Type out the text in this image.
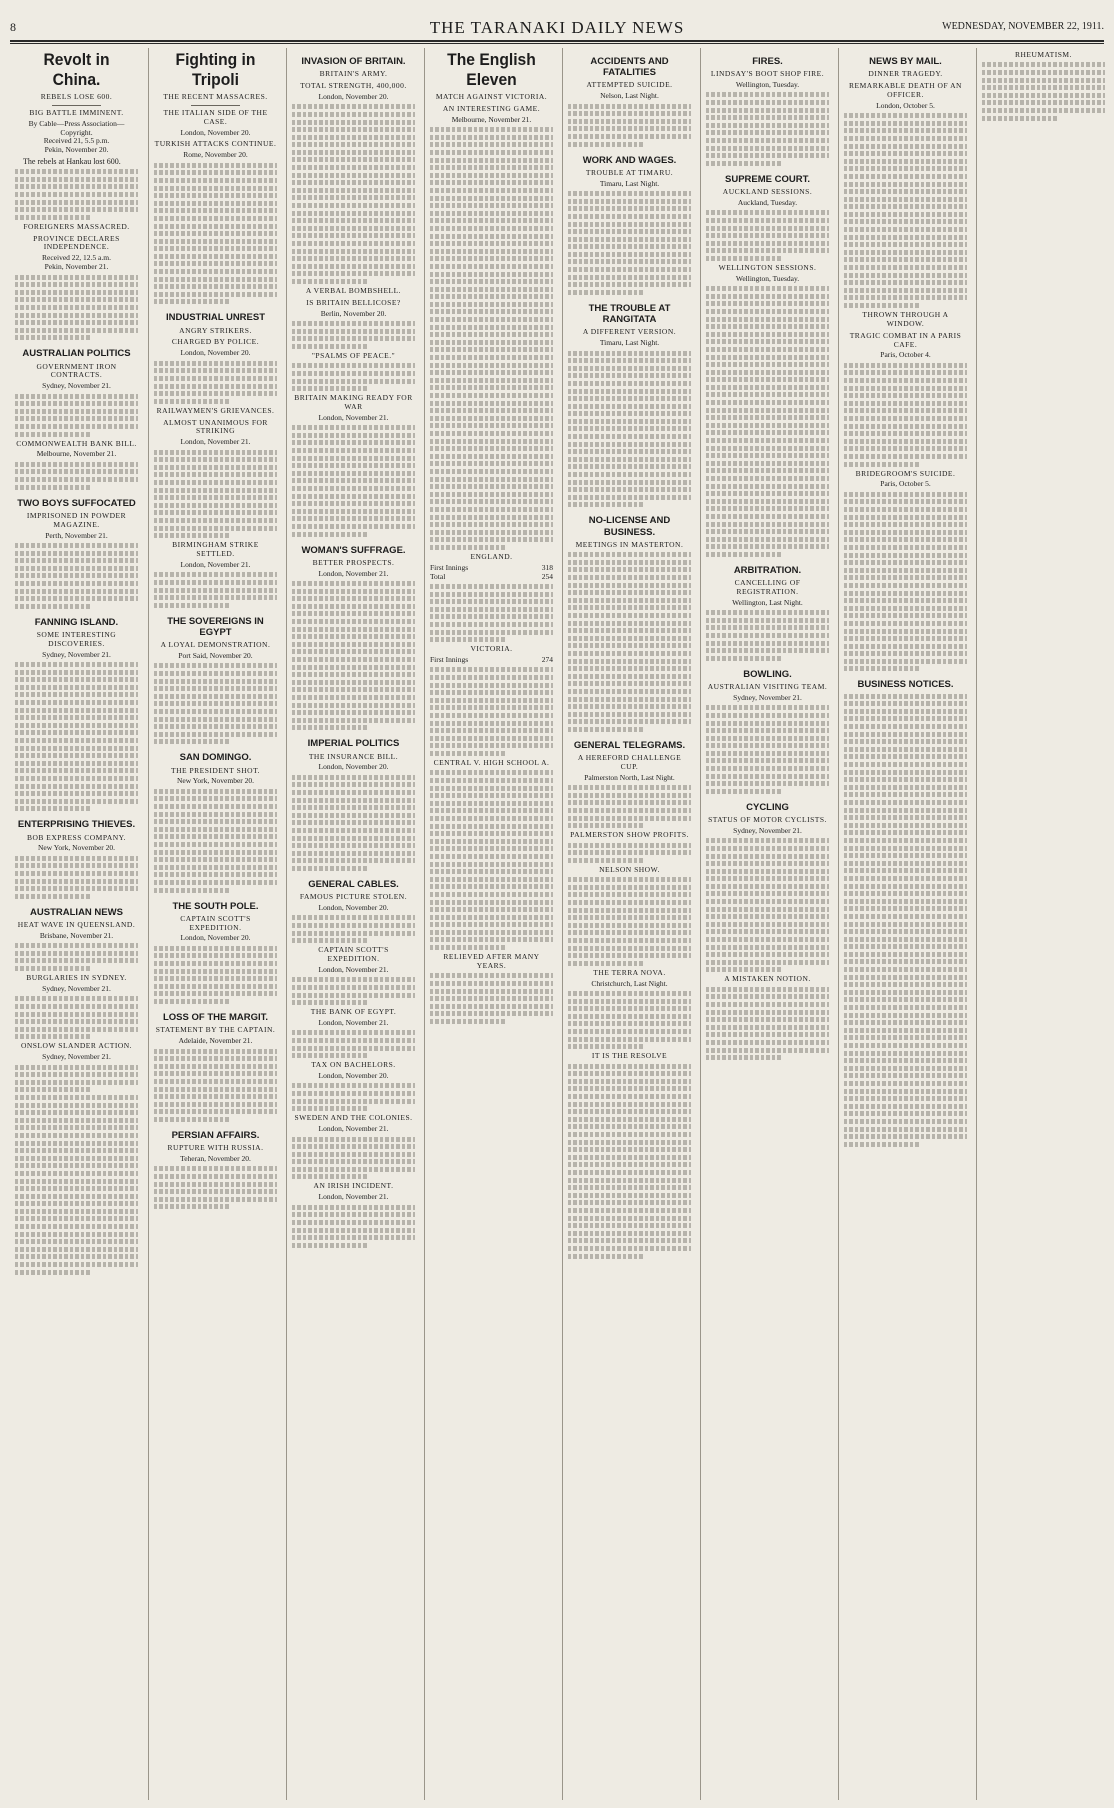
8	THE TARANAKI DAILY NEWS	WEDNESDAY, NOVEMBER 22, 1911.
Revolt in China.
REBELS LOSE 600.
BIG BATTLE IMMINENT.
By Cable—Press Association—Copyright.
Received 21, 5.5 p.m.
Pekin, November 20.
The rebels at Hankau lost 600.
FOREIGNERS MASSACRED.
PROVINCE DECLARES INDEPENDENCE.
Received 22, 12.5 a.m.
Pekin, November 21.
AUSTRALIAN POLITICS
GOVERNMENT IRON CONTRACTS.
Sydney, November 21.
COMMONWEALTH BANK BILL.
Melbourne, November 21.
TWO BOYS SUFFOCATED
IMPRISONED IN POWDER MAGAZINE.
Perth, November 21.
FANNING ISLAND.
SOME INTERESTING DISCOVERIES.
Sydney, November 21.
ENTERPRISING THIEVES.
BOB EXPRESS COMPANY.
New York, November 20.
AUSTRALIAN NEWS
HEAT WAVE IN QUEENSLAND.
Brisbane, November 21.
BURGLARIES IN SYDNEY.
Sydney, November 21.
ONSLOW SLANDER ACTION.
Sydney, November 21.
Fighting in Tripoli
THE RECENT MASSACRES.
THE ITALIAN SIDE OF THE CASE.
London, November 20.
TURKISH ATTACKS CONTINUE.
Rome, November 20.
INDUSTRIAL UNREST
ANGRY STRIKERS.
CHARGED BY POLICE.
London, November 20.
RAILWAYMEN'S GRIEVANCES.
ALMOST UNANIMOUS FOR STRIKING
London, November 21.
BIRMINGHAM STRIKE SETTLED.
London, November 21.
THE SOVEREIGNS IN EGYPT
A LOYAL DEMONSTRATION.
Port Said, November 20.
SAN DOMINGO.
THE PRESIDENT SHOT.
New York, November 20.
THE SOUTH POLE.
CAPTAIN SCOTT'S EXPEDITION.
London, November 20.
LOSS OF THE MARGIT.
STATEMENT BY THE CAPTAIN.
Adelaide, November 21.
PERSIAN AFFAIRS.
RUPTURE WITH RUSSIA.
Teheran, November 20.
INVASION OF BRITAIN.
BRITAIN'S ARMY.
TOTAL STRENGTH, 400,000.
London, November 20.
A VERBAL BOMBSHELL.
IS BRITAIN BELLICOSE?
Berlin, November 20.
"PSALMS OF PEACE."
BRITAIN MAKING READY FOR WAR
London, November 21.
WOMAN'S SUFFRAGE.
BETTER PROSPECTS.
London, November 21.
IMPERIAL POLITICS
THE INSURANCE BILL.
London, November 20.
GENERAL CABLES.
FAMOUS PICTURE STOLEN.
London, November 20.
CAPTAIN SCOTT'S EXPEDITION.
London, November 21.
THE BANK OF EGYPT.
London, November 21.
TAX ON BACHELORS.
London, November 20.
SWEDEN AND THE COLONIES.
London, November 21.
AN IRISH INCIDENT.
London, November 21.
The English Eleven
MATCH AGAINST VICTORIA.
AN INTERESTING GAME.
Melbourne, November 21.
ENGLAND.
First Innings	318
Total	254
VICTORIA.
First Innings	274
CENTRAL V. HIGH SCHOOL A.
RELIEVED AFTER MANY YEARS.
ACCIDENTS AND FATALITIES
ATTEMPTED SUICIDE.
Nelson, Last Night.
WORK AND WAGES.
TROUBLE AT TIMARU.
Timaru, Last Night.
THE TROUBLE AT RANGITATA
A DIFFERENT VERSION.
Timaru, Last Night.
NO-LICENSE AND BUSINESS.
MEETINGS IN MASTERTON.
GENERAL TELEGRAMS.
A HEREFORD CHALLENGE CUP.
Palmerston North, Last Night.
PALMERSTON SHOW PROFITS.
NELSON SHOW.
THE TERRA NOVA.
Christchurch, Last Night.
IT IS THE RESOLVE
FIRES.
LINDSAY'S BOOT SHOP FIRE.
Wellington, Tuesday.
SUPREME COURT.
AUCKLAND SESSIONS.
Auckland, Tuesday.
WELLINGTON SESSIONS.
Wellington, Tuesday.
ARBITRATION.
CANCELLING OF REGISTRATION.
Wellington, Last Night.
BOWLING.
AUSTRALIAN VISITING TEAM.
Sydney, November 21.
CYCLING
STATUS OF MOTOR CYCLISTS.
Sydney, November 21.
A MISTAKEN NOTION.
NEWS BY MAIL.
DINNER TRAGEDY.
REMARKABLE DEATH OF AN OFFICER.
London, October 5.
THROWN THROUGH A WINDOW.
TRAGIC COMBAT IN A PARIS CAFE.
Paris, October 4.
BRIDEGROOM'S SUICIDE.
Paris, October 5.
BUSINESS NOTICES.
RHEUMATISM.
